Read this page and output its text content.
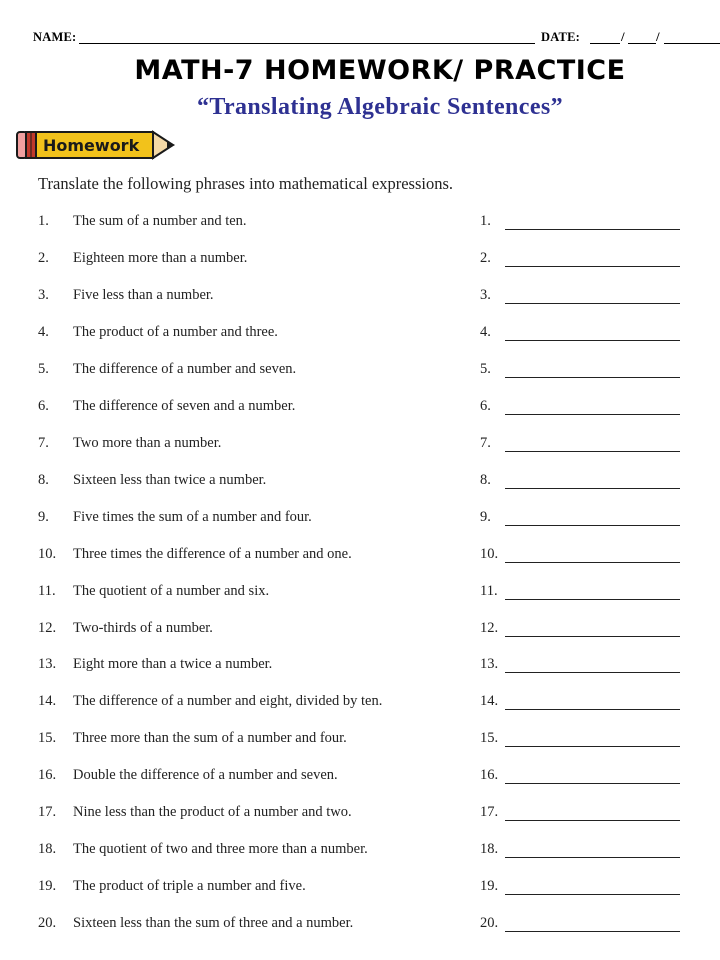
NAME:	DATE:	/ /
MATH-7 HOMEWORK/ PRACTICE
“Translating Algebraic Sentences”
Homework
Translate the following phrases into mathematical expressions.
1. The sum of a number and ten.	1.
2. Eighteen more than a number.	2.
3. Five less than a number.	3.
4. The product of a number and three.	4.
5. The difference of a number and seven.	5.
6. The difference of seven and a number.	6.
7. Two more than a number.	7.
8. Sixteen less than twice a number.	8.
9. Five times the sum of a number and four.	9.
10. Three times the difference of a number and one.	10.
11. The quotient of a number and six.	11.
12. Two-thirds of a number.	12.
13. Eight more than a twice a number.	13.
14. The difference of a number and eight, divided by ten.	14.
15. Three more than the sum of a number and four.	15.
16. Double the difference of a number and seven.	16.
17. Nine less than the product of a number and two.	17.
18. The quotient of two and three more than a number.	18.
19. The product of triple a number and five.	19.
20. Sixteen less than the sum of three and a number.	20.
